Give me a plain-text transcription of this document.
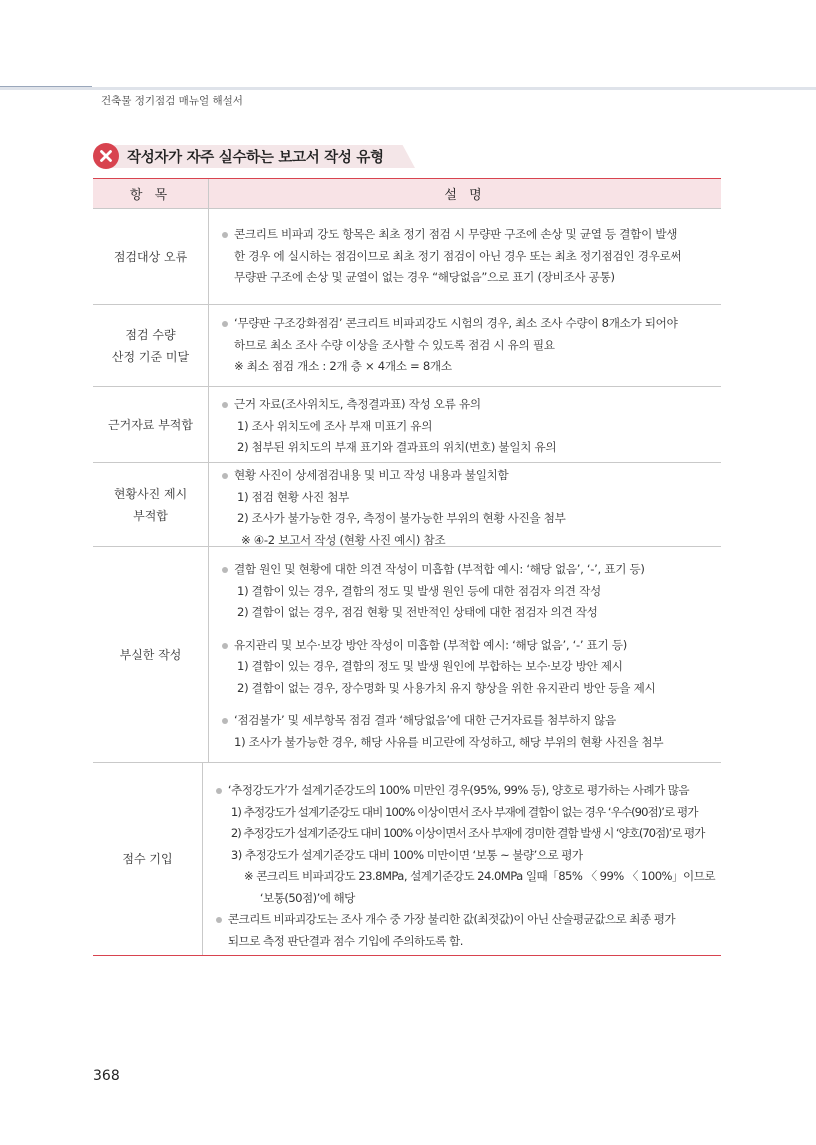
건축물 정기점검 매뉴얼 해설서
작성자가 자주 실수하는 보고서 작성 유형
항 목	설 명
점검대상 오류
콘크리트 비파괴 강도 항목은 최초 정기 점검 시 무량판 구조에 손상 및 균열 등 결함이 발생
한 경우 에 실시하는 점검이므로 최초 정기 점검이 아닌 경우 또는 최초 정기점검인 경우로써
무량판 구조에 손상 및 균열이 없는 경우 “해당없음”으로 표기 (장비조사 공통)
점검 수량
산정 기준 미달
‘무량판 구조강화점검’ 콘크리트 비파괴강도 시험의 경우, 최소 조사 수량이 8개소가 되어야
하므로 최소 조사 수량 이상을 조사할 수 있도록 점검 시 유의 필요
※ 최소 점검 개소 : 2개 층 × 4개소 = 8개소
근거자료 부적합
근거 자료(조사위치도, 측정결과표) 작성 오류 유의
1) 조사 위치도에 조사 부재 미표기 유의
2) 첨부된 위치도의 부재 표기와 결과표의 위치(번호) 불일치 유의
현황사진 제시
부적합
현황 사진이 상세점검내용 및 비고 작성 내용과 불일치함
1) 점검 현황 사진 첨부
2) 조사가 불가능한 경우, 측정이 불가능한 부위의 현황 사진을 첨부
※ ④-2 보고서 작성 (현황 사진 예시) 참조
부실한 작성
결함 원인 및 현황에 대한 의견 작성이 미흡함 (부적합 예시: ‘해당 없음’, ‘-’, 표기 등)
1) 결함이 있는 경우, 결함의 정도 및 발생 원인 등에 대한 점검자 의견 작성
2) 결함이 없는 경우, 점검 현황 및 전반적인 상태에 대한 점검자 의견 작성
유지관리 및 보수·보강 방안 작성이 미흡함 (부적합 예시: ‘해당 없음’, ‘-’ 표기 등)
1) 결함이 있는 경우, 결함의 정도 및 발생 원인에 부합하는 보수·보강 방안 제시
2) 결함이 없는 경우, 장수명화 및 사용가치 유지 향상을 위한 유지관리 방안 등을 제시
‘점검불가’ 및 세부항목 점검 결과 ‘해당없음’에 대한 근거자료를 첨부하지 않음
1) 조사가 불가능한 경우, 해당 사유를 비고란에 작성하고, 해당 부위의 현황 사진을 첨부
점수 기입
‘추정강도가’가 설계기준강도의 100% 미만인 경우(95%, 99% 등), 양호로 평가하는 사례가 많음
1) 추정강도가 설계기준강도 대비 100% 이상이면서 조사 부재에 결함이 없는 경우 ‘우수(90점)’로 평가
2) 추정강도가 설계기준강도 대비 100% 이상이면서 조사 부재에 경미한 결함 발생 시 ‘양호(70점)’로 평가
3) 추정강도가 설계기준강도 대비 100% 미만이면 ‘보통 ~ 불량’으로 평가
※ 콘크리트 비파괴강도 23.8MPa, 설계기준강도 24.0MPa 일때「85% 〈 99% 〈 100%」이므로
‘보통(50점)’에 해당
콘크리트 비파괴강도는 조사 개수 중 가장 불리한 값(최젓값)이 아닌 산술평균값으로 최종 평가
되므로 측정 판단결과 점수 기입에 주의하도록 함.
368
